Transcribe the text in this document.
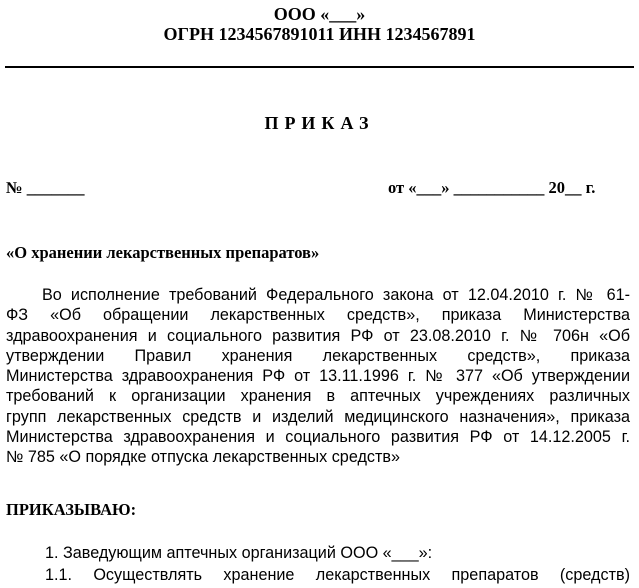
ООО «___»
ОГРН 1234567891011 ИНН 1234567891
ПРИКАЗ
№ _______	от «___» ___________ 20__ г.
«О хранении лекарственных препаратов»
Во исполнение требований Федерального закона от 12.04.2010 г. № 61-
ФЗ «Об обращении лекарственных средств», приказа Министерства
здравоохранения и социального развития РФ от 23.08.2010 г. № 706н «Об
утверждении Правил хранения лекарственных средств», приказа
Министерства здравоохранения РФ от 13.11.1996 г. № 377 «Об утверждении
требований к организации хранения в аптечных учреждениях различных
групп лекарственных средств и изделий медицинского назначения», приказа
Министерства здравоохранения и социального развития РФ от 14.12.2005 г.
№ 785 «О порядке отпуска лекарственных средств»
ПРИКАЗЫВАЮ:
1. Заведующим аптечных организаций ООО «___»:
1.1. Осуществлять хранение лекарственных препаратов (средств)
